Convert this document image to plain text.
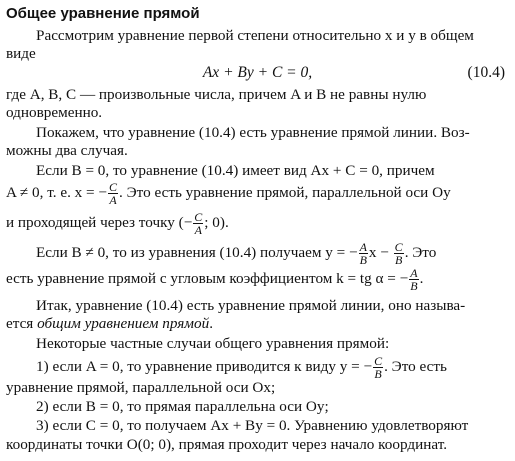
Общее уравнение прямой
Рассмотрим уравнение первой степени относительно x и y в общем
виде
Ax + By + C = 0,	(10.4)
где A, B, C — произвольные числа, причем A и B не равны нулю
одновременно.
Покажем, что уравнение (10.4) есть уравнение прямой линии. Воз-
можны два случая.
Если B = 0, то уравнение (10.4) имеет вид Ax + C = 0, причем
A ≠ 0, т. е. x = − $\frac{C}{A}$ . Это есть уравнение прямой, параллельной оси Oy
и проходящей через точку (− $\frac{C}{A}$ ; 0).
Если B ≠ 0, то из уравнения (10.4) получаем y = − $\frac{A}{B}$ $x - \frac{C}{B}$ . Это
есть уравнение прямой с угловым коэффициентом k = tg α = − $\frac{A}{B}$ .
Итак, уравнение (10.4) есть уравнение прямой линии, оно называ-
ется общим уравнением прямой.
Некоторые частные случаи общего уравнения прямой:
1) если A = 0, то уравнение приводится к виду y = − $\frac{C}{B}$ . Это есть
уравнение прямой, параллельной оси Ox;
2) если B = 0, то прямая параллельна оси Oy;
3) если C = 0, то получаем Ax + By = 0. Уравнению удовлетворяют
координаты точки O(0; 0), прямая проходит через начало координат.
